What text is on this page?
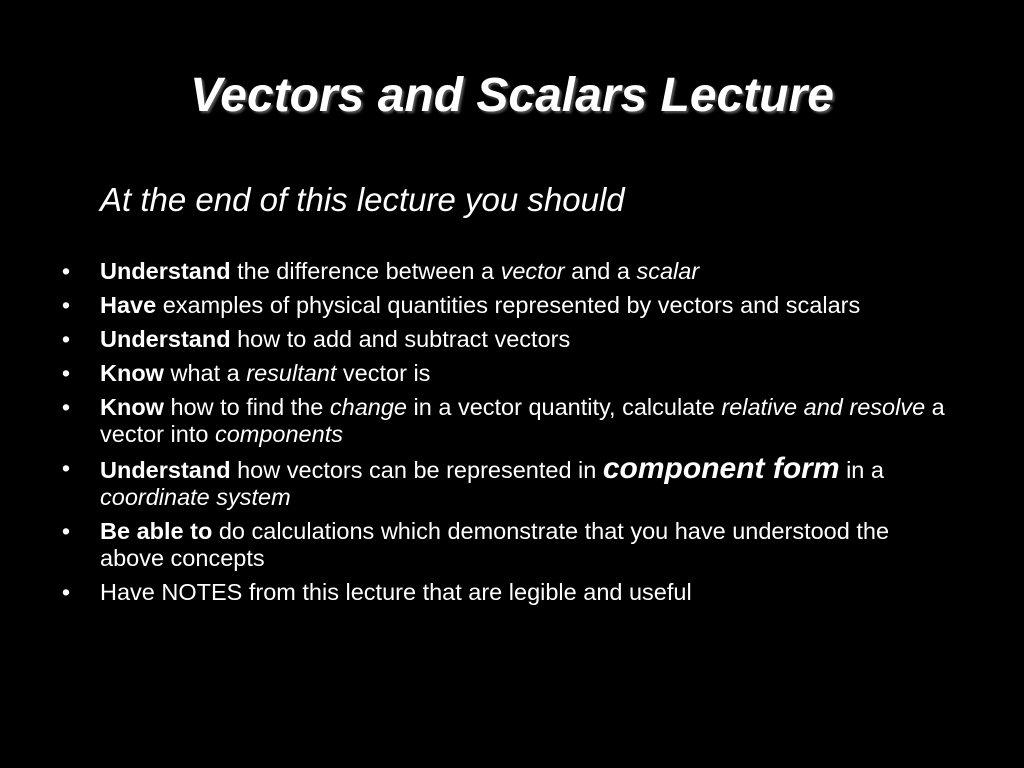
Vectors and Scalars Lecture

At the end of this lecture you should

• Understand the difference between a vector and a scalar
• Have examples of physical quantities represented by vectors and scalars
• Understand how to add and subtract vectors
• Know what a resultant vector is
• Know how to find the change in a vector quantity, calculate relative and resolve a vector into components
• Understand how vectors can be represented in component form in a coordinate system
• Be able to do calculations which demonstrate that you have understood the above concepts
• Have NOTES from this lecture that are legible and useful
